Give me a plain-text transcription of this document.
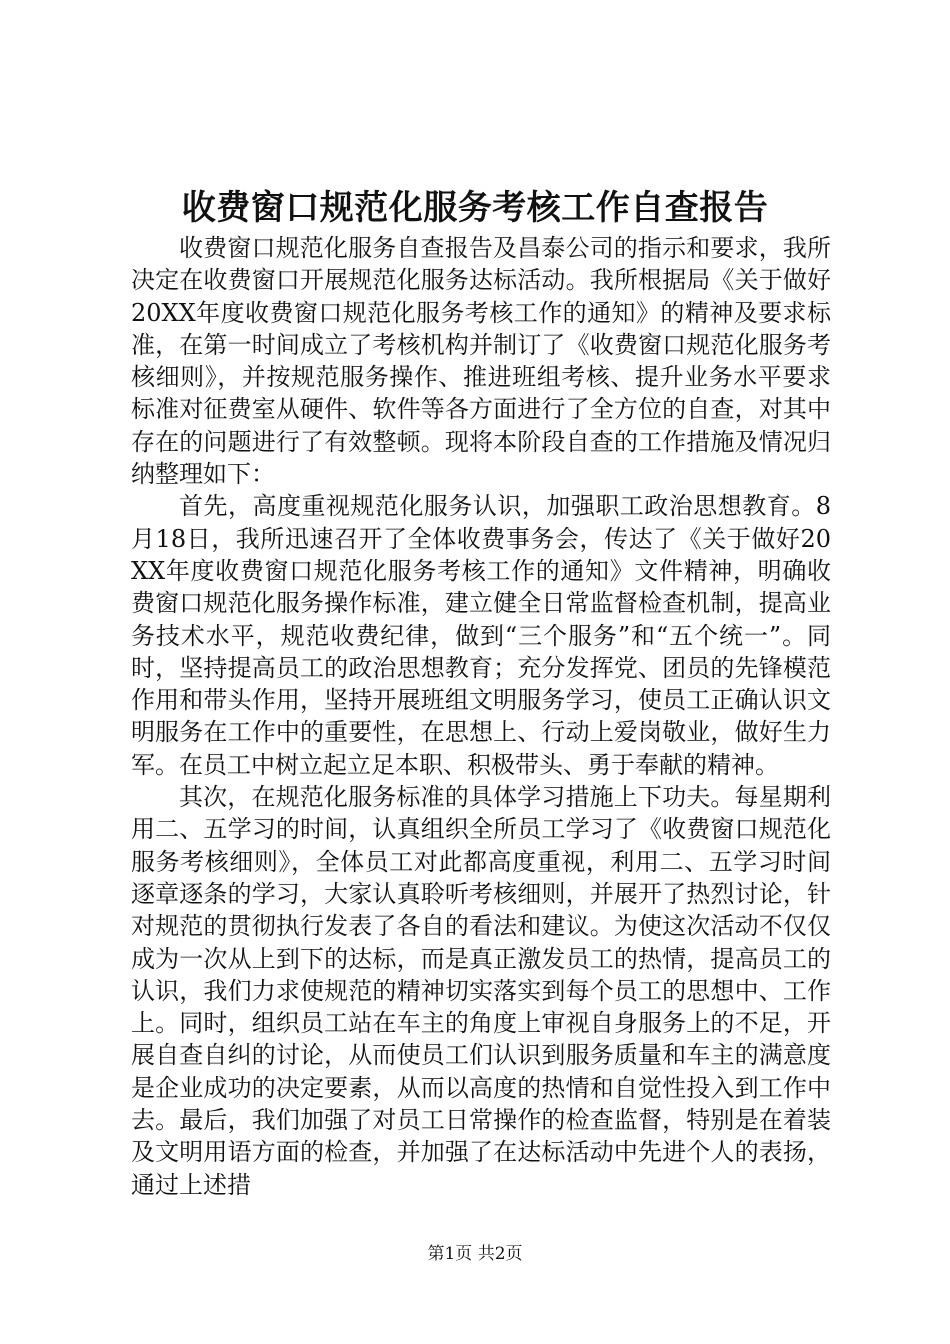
收费窗口规范化服务考核工作自查报告

收费窗口规范化服务自查报告及昌泰公司的指示和要求，我所决定在收费窗口开展规范化服务达标活动。我所根据局《关于做好20XX年度收费窗口规范化服务考核工作的通知》的精神及要求标准，在第一时间成立了考核机构并制订了《收费窗口规范化服务考核细则》，并按规范服务操作、推进班组考核、提升业务水平要求标准对征费室从硬件、软件等各方面进行了全方位的自查，对其中存在的问题进行了有效整顿。现将本阶段自查的工作措施及情况归纳整理如下：

首先，高度重视规范化服务认识，加强职工政治思想教育。8月18日，我所迅速召开了全体收费事务会，传达了《关于做好20XX年度收费窗口规范化服务考核工作的通知》文件精神，明确收费窗口规范化服务操作标准，建立健全日常监督检查机制，提高业务技术水平，规范收费纪律，做到“三个服务”和“五个统一”。同时，坚持提高员工的政治思想教育；充分发挥党、团员的先锋模范作用和带头作用，坚持开展班组文明服务学习，使员工正确认识文明服务在工作中的重要性，在思想上、行动上爱岗敬业，做好生力军。在员工中树立起立足本职、积极带头、勇于奉献的精神。

其次，在规范化服务标准的具体学习措施上下功夫。每星期利用二、五学习的时间，认真组织全所员工学习了《收费窗口规范化服务考核细则》，全体员工对此都高度重视，利用二、五学习时间逐章逐条的学习，大家认真聆听考核细则，并展开了热烈讨论，针对规范的贯彻执行发表了各自的看法和建议。为使这次活动不仅仅成为一次从上到下的达标，而是真正激发员工的热情，提高员工的认识，我们力求使规范的精神切实落实到每个员工的思想中、工作上。同时，组织员工站在车主的角度上审视自身服务上的不足，开展自查自纠的讨论，从而使员工们认识到服务质量和车主的满意度是企业成功的决定要素，从而以高度的热情和自觉性投入到工作中去。最后，我们加强了对员工日常操作的检查监督，特别是在着装及文明用语方面的检查，并加强了在达标活动中先进个人的表扬，通过上述措

第1页 共2页
